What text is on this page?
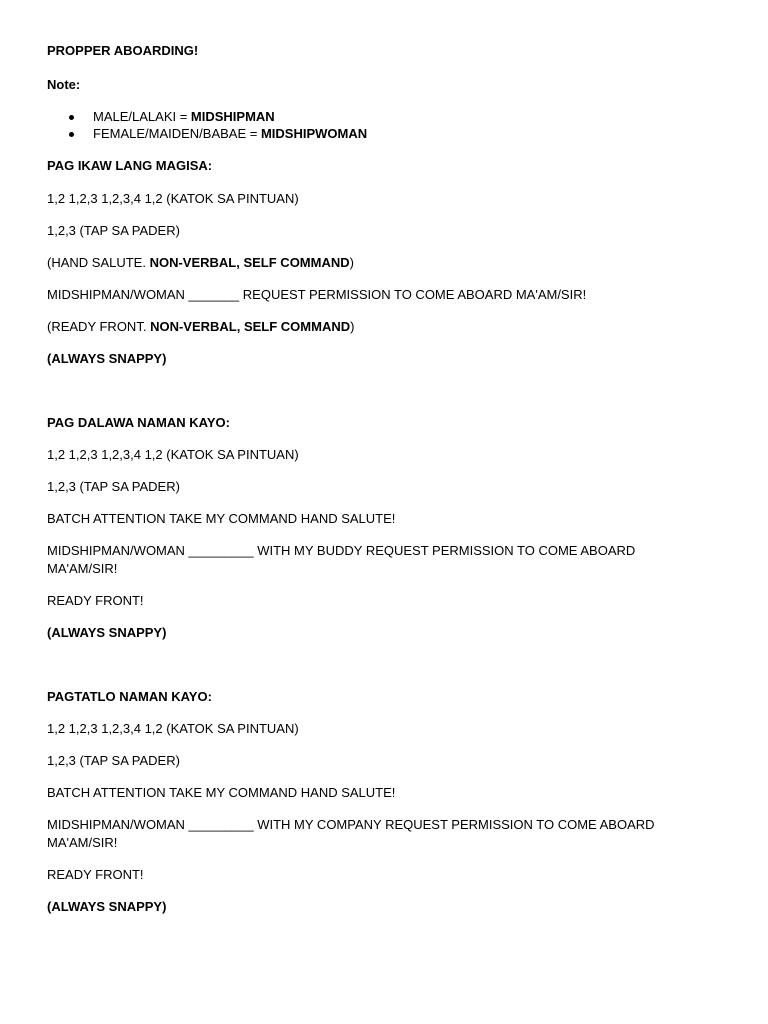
PROPPER ABOARDING!
Note:
MALE/LALAKI = MIDSHIPMAN
FEMALE/MAIDEN/BABAE = MIDSHIPWOMAN
PAG IKAW LANG MAGISA:
1,2 1,2,3 1,2,3,4 1,2 (KATOK SA PINTUAN)
1,2,3 (TAP SA PADER)
(HAND SALUTE. NON-VERBAL, SELF COMMAND)
MIDSHIPMAN/WOMAN _______ REQUEST PERMISSION TO COME ABOARD MA'AM/SIR!
(READY FRONT. NON-VERBAL, SELF COMMAND)
(ALWAYS SNAPPY)
PAG DALAWA NAMAN KAYO:
1,2 1,2,3 1,2,3,4 1,2 (KATOK SA PINTUAN)
1,2,3 (TAP SA PADER)
BATCH ATTENTION TAKE MY COMMAND HAND SALUTE!
MIDSHIPMAN/WOMAN _________ WITH MY BUDDY REQUEST PERMISSION TO COME ABOARD
MA'AM/SIR!
READY FRONT!
(ALWAYS SNAPPY)
PAGTATLO NAMAN KAYO:
1,2 1,2,3 1,2,3,4 1,2 (KATOK SA PINTUAN)
1,2,3 (TAP SA PADER)
BATCH ATTENTION TAKE MY COMMAND HAND SALUTE!
MIDSHIPMAN/WOMAN _________ WITH MY COMPANY REQUEST PERMISSION TO COME ABOARD
MA'AM/SIR!
READY FRONT!
(ALWAYS SNAPPY)
